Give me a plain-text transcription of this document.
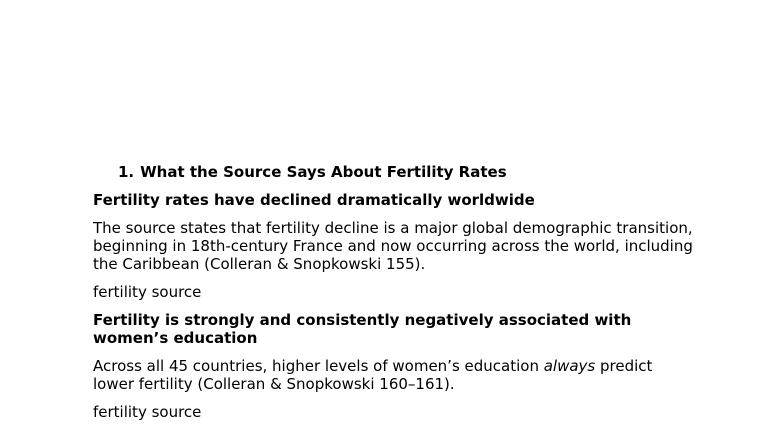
1. What the Source Says About Fertility Rates
Fertility rates have declined dramatically worldwide
The source states that fertility decline is a major global demographic transition, beginning in 18th-century France and now occurring across the world, including the Caribbean (Colleran & Snopkowski 155).
fertility source
Fertility is strongly and consistently negatively associated with women’s education
Across all 45 countries, higher levels of women’s education always predict lower fertility (Colleran & Snopkowski 160–161).
fertility source
